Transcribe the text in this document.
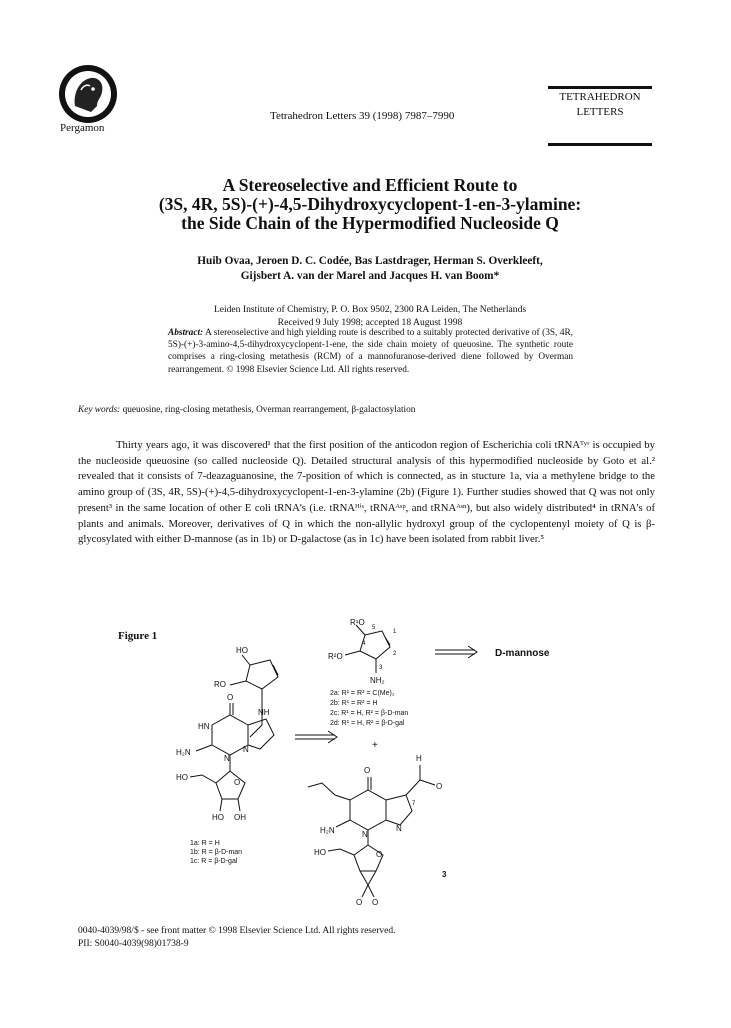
Pergamon
Tetrahedron Letters 39 (1998) 7987–7990
TETRAHEDRON
LETTERS
A Stereoselective and Efficient Route to
(3S, 4R, 5S)-(+)-4,5-Dihydroxycyclopent-1-en-3-ylamine:
the Side Chain of the Hypermodified Nucleoside Q
Huib Ovaa, Jeroen D. C. Codée, Bas Lastdrager, Herman S. Overkleeft,
Gijsbert A. van der Marel and Jacques H. van Boom*
Leiden Institute of Chemistry, P. O. Box 9502, 2300 RA Leiden, The Netherlands
Received 9 July 1998; accepted 18 August 1998
Abstract: A stereoselective and high yielding route is described to a suitably protected derivative of (3S, 4R, 5S)-(+)-3-amino-4,5-dihydroxycyclopent-1-ene, the side chain moiety of queuosine. The synthetic route comprises a ring-closing metathesis (RCM) of a mannofuranose-derived diene followed by Overman rearrangement. © 1998 Elsevier Science Ltd. All rights reserved.
Key words: queuosine, ring-closing metathesis, Overman rearrangement, β-galactosylation

Thirty years ago, it was discovered¹ that the first position of the anticodon region of Escherichia coli tRNAᵀʸʳ is occupied by the nucleoside queuosine (so called nucleoside Q). Detailed structural analysis of this hypermodified nucleoside by Goto et al.² revealed that it consists of 7-deazaguanosine, the 7-position of which is connected, as in stucture 1a, via a methylene bridge to the amino group of (3S, 4R, 5S)-(+)-4,5-dihydroxycyclopent-1-en-3-ylamine (2b) (Figure 1). Further studies showed that Q was not only present³ in the same location of other E coli tRNA's (i.e. tRNAᴴⁱˢ, tRNAᴬˢᵖ, and tRNAᴬˢⁿ), but also widely distributed⁴ in tRNA's of plants and animals. Moreover, derivatives of Q in which the non-allylic hydroxyl group of the cyclopentenyl moiety of Q is β-glycosylated with either D-mannose (as in 1b) or D-galactose (as in 1c) have been isolated from rabbit liver.⁵

Figure 1
HO
RO
NH
O
HN
H₂N
N
N
HO
O
HO OH
R¹O
R²O
NH₂
5
1
4
2
3
H
O
O
H₂N	N
N
HO	O
O O
7
D-mannose
2a: R¹ = R² = C(Me)₂
2b: R¹ = R² = H
2c: R¹ = H, R² = β-D-man
2d: R¹ = H, R² = β-D-gal
+
1a: R = H
1b: R = β-D-man
1c: R = β-D-gal
3
0040-4039/98/$ - see front matter © 1998 Elsevier Science Ltd. All rights reserved.
PII: S0040-4039(98)01738-9
